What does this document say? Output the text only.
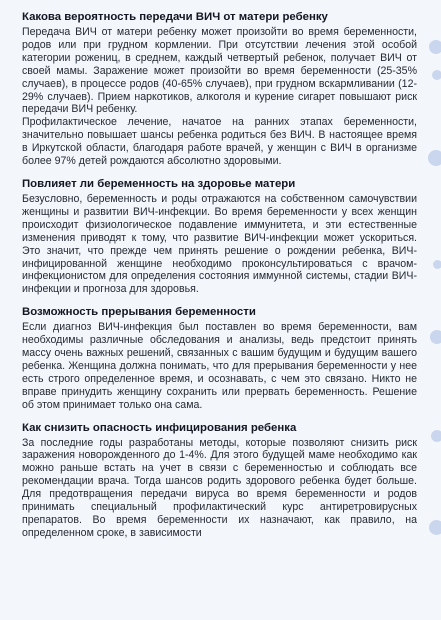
Какова вероятность передачи ВИЧ от матери ребенку

Передача ВИЧ от матери ребенку может произойти во время беременности, родов или при грудном кормлении. При отсутствии лечения этой особой категории рожениц, в среднем, каждый четвертый ребенок, получает ВИЧ от своей мамы. Заражение может произойти во время беременности (25-35% случаев), в процессе родов (40-65% случаев), при грудном вскармливании (12-29% случаев). Прием наркотиков, алкоголя и курение сигарет повышают риск передачи ВИЧ ребенку.

Профилактическое лечение, начатое на ранних этапах беременности, значительно повышает шансы ребенка родиться без ВИЧ. В настоящее время в Иркутской области, благодаря работе врачей, у женщин с ВИЧ в организме более 97% детей рождаются абсолютно здоровыми.

Повлияет ли беременность на здоровье матери

Безусловно, беременность и роды отражаются на собственном самочувствии женщины и развитии ВИЧ-инфекции. Во время беременности у всех женщин происходит физиологическое подавление иммунитета, и эти естественные изменения приводят к тому, что развитие ВИЧ-инфекции может ускориться. Это значит, что прежде чем принять решение о рождении ребенка, ВИЧ-инфицированной женщине необходимо проконсультироваться с врачом-инфекционистом для определения состояния иммунной системы, стадии ВИЧ-инфекции и прогноза для здоровья.

Возможность прерывания беременности

Если диагноз ВИЧ-инфекция был поставлен во время беременности, вам необходимы различные обследования и анализы, ведь предстоит принять массу очень важных решений, связанных с вашим будущим и будущим вашего ребенка. Женщина должна понимать, что для прерывания беременности у нее есть строго определенное время, и осознавать, с чем это связано. Никто не вправе принудить женщину сохранить или прервать беременность. Решение об этом принимает только она сама.

Как снизить опасность инфицирования ребенка

За последние годы разработаны методы, которые позволяют снизить риск заражения новорожденного до 1-4%. Для этого будущей маме необходимо как можно раньше встать на учет в связи с беременностью и соблюдать все рекомендации врача. Тогда шансов родить здорового ребенка будет больше. Для предотвращения передачи вируса во время беременности и родов принимать специальный профилактический курс антиретровирусных препаратов. Во время беременности их назначают, как правило, на определенном сроке, в зависимости
